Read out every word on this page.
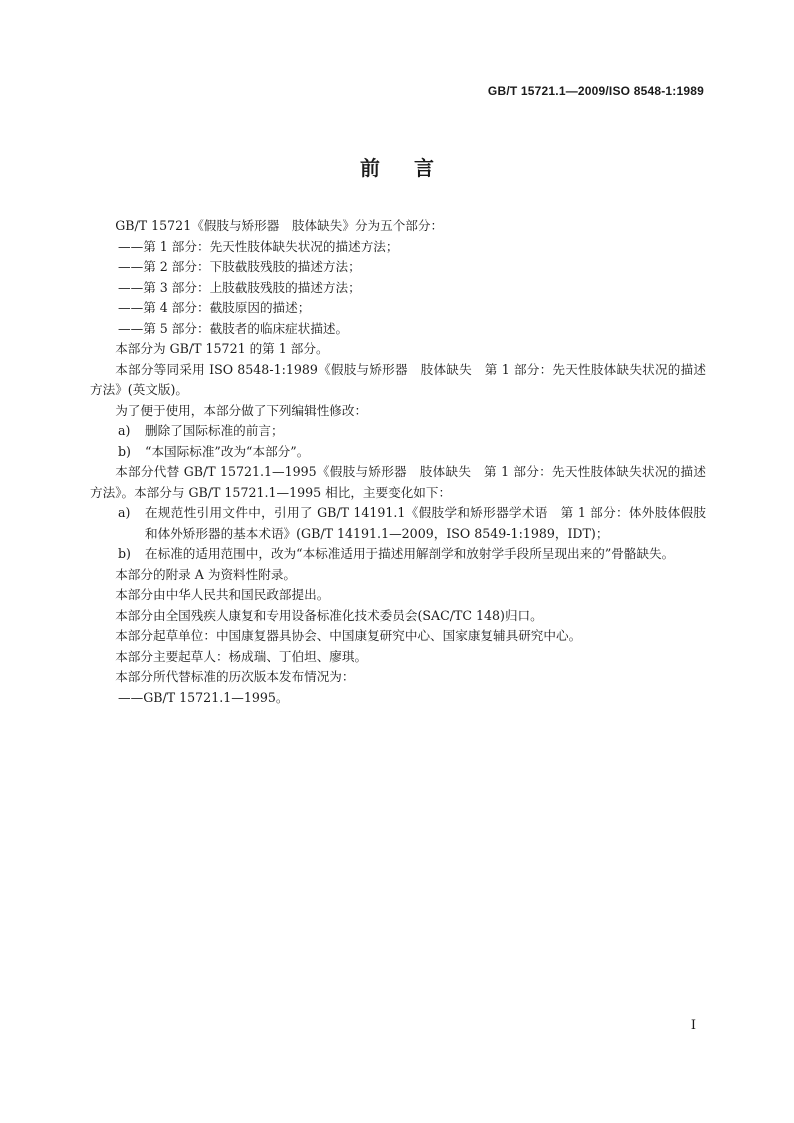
GB/T 15721.1—2009/ISO 8548-1:1989
前言

GB/T 15721《假肢与矫形器　肢体缺失》分为五个部分：

——第 1 部分：先天性肢体缺失状况的描述方法；

——第 2 部分：下肢截肢残肢的描述方法；

——第 3 部分：上肢截肢残肢的描述方法；

——第 4 部分：截肢原因的描述；

——第 5 部分：截肢者的临床症状描述。

本部分为 GB/T 15721 的第 1 部分。

本部分等同采用 ISO 8548-1:1989《假肢与矫形器　肢体缺失　第 1 部分：先天性肢体缺失状况的描述方法》(英文版)。

为了便于使用，本部分做了下列编辑性修改：

a) 删除了国际标准的前言；

b) “本国际标准”改为“本部分”。

本部分代替 GB/T 15721.1—1995《假肢与矫形器　肢体缺失　第 1 部分：先天性肢体缺失状况的描述方法》。本部分与 GB/T 15721.1—1995 相比，主要变化如下：

a) 在规范性引用文件中，引用了 GB/T 14191.1《假肢学和矫形器学术语　第 1 部分：体外肢体假肢和体外矫形器的基本术语》(GB/T 14191.1—2009，ISO 8549-1:1989，IDT)；

b) 在标准的适用范围中，改为“本标准适用于描述用解剖学和放射学手段所呈现出来的”骨骼缺失。

本部分的附录 A 为资料性附录。

本部分由中华人民共和国民政部提出。

本部分由全国残疾人康复和专用设备标准化技术委员会(SAC/TC 148)归口。

本部分起草单位：中国康复器具协会、中国康复研究中心、国家康复辅具研究中心。

本部分主要起草人：杨成瑞、丁伯坦、廖琪。

本部分所代替标准的历次版本发布情况为：

——GB/T 15721.1—1995。

I
